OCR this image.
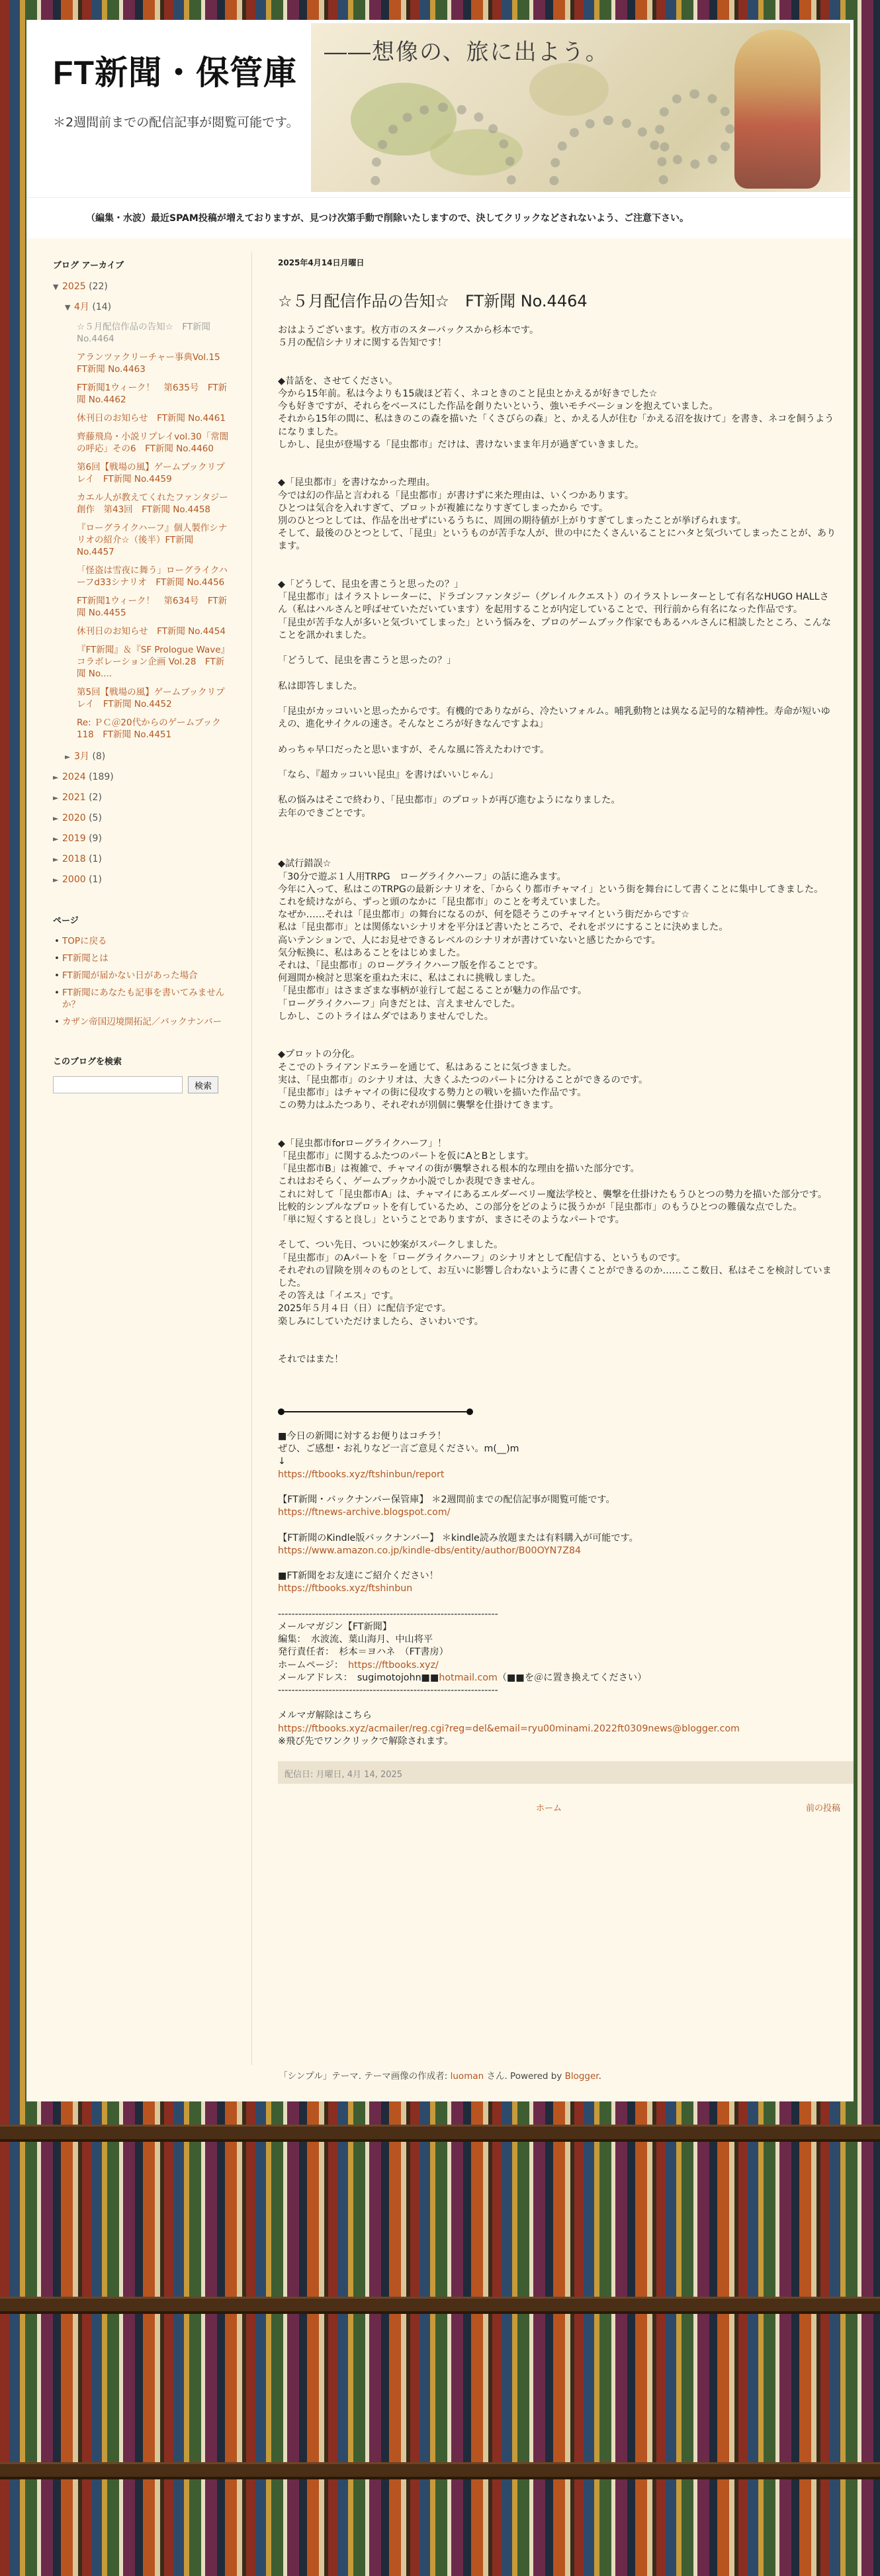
FT新聞・保管庫
＊2週間前までの配信記事が閲覧可能です。
――想像の、旅に出よう。
（編集・水波）最近SPAM投稿が増えておりますが、見つけ次第手動で削除いたしますので、決してクリックなどされないよう、ご注意下さい。
ブログ アーカイブ
▼ 2025 (22)
▼ 4月 (14)
☆５月配信作品の告知☆　FT新聞 No.4464
アランツァクリーチャー事典Vol.15　FT新聞 No.4463
FT新聞1ウィーク！　第635号　FT新聞 No.4462
休刊日のお知らせ　FT新聞 No.4461
齊藤飛鳥・小説リプレイvol.30「常闇の呼応」その6　FT新聞 No.4460
第6回【戦場の風】ゲームブックリプレイ　FT新聞 No.4459
カエル人が教えてくれたファンタジー創作　第43回　FT新聞 No.4458
『ローグライクハーフ』個人製作シナリオの紹介☆（後半）FT新聞 No.4457
「怪盗は雪夜に舞う」ローグライクハーフd33シナリオ　FT新聞 No.4456
FT新聞1ウィーク！　第634号　FT新聞 No.4455
休刊日のお知らせ　FT新聞 No.4454
『FT新聞』＆『SF Prologue Wave』コラボレーション企画 Vol.28　FT新聞 No....
第5回【戦場の風】ゲームブックリプレイ　FT新聞 No.4452
Re: ＰＣ＠20代からのゲームブック118　FT新聞 No.4451
► 3月 (8)
► 2024 (189)
► 2021 (2)
► 2020 (5)
► 2019 (9)
► 2018 (1)
► 2000 (1)
ページ
• TOPに戻る
• FT新聞とは
• FT新聞が届かない日があった場合
• FT新聞にあなたも記事を書いてみませんか？
• カザン帝国辺境開拓記／バックナンバー
このブログを検索
検索
2025年4月14日月曜日
☆５月配信作品の告知☆　FT新聞 No.4464

おはようございます。枚方市のスターバックスから杉本です。

５月の配信シナリオに関する告知です！

◆昔話を、させてください。

今から15年前。私は今よりも15歳ほど若く、ネコときのこと昆虫とかえるが好きでした☆

今も好きですが、それらをベースにした作品を創りたいという、強いモチベーションを抱えていました。

それから15年の間に、私はきのこの森を描いた「くさびらの森」と、かえる人が住む「かえる沼を抜けて」を書き、ネコを飼うようになりました。

しかし、昆虫が登場する「昆虫都市」だけは、書けないまま年月が過ぎていきました。

◆「昆虫都市」を書けなかった理由。

今では幻の作品と言われる「昆虫都市」が書けずに来た理由は、いくつかあります。

ひとつは気合を入れすぎて、プロットが複雑になりすぎてしまったから です。

別のひとつとしては、作品を出せずにいるうちに、周囲の期待値が上がりすぎてしまったことが挙げられます。

そして、最後のひとつとして、「昆虫」というものが苦手な人が、世の中にたくさんいることにハタと気づいてしまったことが、あります。

◆「どうして、昆虫を書こうと思ったの？」

「昆虫都市」はイラストレーターに、ドラゴンファンタジー（グレイルクエスト）のイラストレーターとして有名なHUGO HALLさん（私はハルさんと呼ばせていただいています）を起用することが内定していることで、刊行前から有名になった作品です。

「昆虫が苦手な人が多いと気づいてしまった」という悩みを、プロのゲームブック作家でもあるハルさんに相談したところ、こんなことを訊かれました。

「どうして、昆虫を書こうと思ったの？」

私は即答しました。

「昆虫がカッコいいと思ったからです。有機的でありながら、冷たいフォルム。哺乳動物とは異なる記号的な精神性。寿命が短いゆえの、進化サイクルの速さ。そんなところが好きなんですよね」

めっちゃ早口だったと思いますが、そんな風に答えたわけです。

「なら、『超カッコいい昆虫』を書けばいいじゃん」

私の悩みはそこで終わり、「昆虫都市」のプロットが再び進むようになりました。

去年のできごとです。

◆試行錯誤☆

「30分で遊ぶ１人用TRPG　ローグライクハーフ」の話に進みます。

今年に入って、私はこのTRPGの最新シナリオを、「からくり都市チャマイ」という街を舞台にして書くことに集中してきました。

これを続けながら、ずっと頭のなかに「昆虫都市」のことを考えていました。

なぜか……それは「昆虫都市」の舞台になるのが、何を隠そうこのチャマイという街だからです☆

私は「昆虫都市」とは関係ないシナリオを平分ほど書いたところで、それをボツにすることに決めました。

高いテンションで、人にお見せできるレベルのシナリオが書けていないと感じたからです。

気分転換に、私はあることをはじめました。

それは、「昆虫都市」のローグライクハーフ版を作ることです。

何週間か検討と思案を重ねた末に、私はこれに挑戦しました。

「昆虫都市」はさまざまな事柄が並行して起こることが魅力の作品です。

「ローグライクハーフ」向きだとは、言えませんでした。

しかし、このトライはムダではありませんでした。

◆プロットの分化。

そこでのトライアンドエラーを通じて、私はあることに気づきました。

実は、「昆虫都市」のシナリオは、大きくふたつのパートに分けることができるのです。

「昆虫都市」はチャマイの街に侵攻する勢力との戦いを描いた作品です。

この勢力はふたつあり、それぞれが別個に襲撃を仕掛けてきます。

◆「昆虫都市forローグライクハーフ」！

「昆虫都市」に関するふたつのパートを仮にAとBとします。

「昆虫都市B」は複雑で、チャマイの街が襲撃される根本的な理由を描いた部分です。

これはおそらく、ゲームブックか小説でしか表現できません。

これに対して「昆虫都市A」は、チャマイにあるエルダーベリー魔法学校と、襲撃を仕掛けたもうひとつの勢力を描いた部分です。

比較的シンプルなプロットを有しているため、この部分をどのように扱うかが「昆虫都市」のもうひとつの難儀な点でした。

「単に短くすると良し」ということでありますが、まさにそのようなパートです。

そして、つい先日、ついに妙案がスパークしました。

「昆虫都市」のAパートを「ローグライクハーフ」のシナリオとして配信する、というものです。

それぞれの冒険を別々のものとして、お互いに影響し合わないように書くことができるのか……ここ数日、私はそこを検討していました。

その答えは「イエス」です。

2025年５月４日（日）に配信予定です。

楽しみにしていただけましたら、さいわいです。

それではまた！

■今日の新聞に対するお便りはコチラ！

ぜひ、ご感想・お礼りなど一言ご意見ください。m(__)m

↓

https://ftbooks.xyz/ftshinbun/report

【FT新聞・バックナンバー保管庫】 ＊2週間前までの配信記事が閲覧可能です。

https://ftnews-archive.blogspot.com/

【FT新聞のKindle版バックナンバー】 ＊kindle読み放題または有料購入が可能です。

https://www.amazon.co.jp/kindle-dbs/entity/author/B00OYN7Z84

■FT新聞をお友達にご紹介ください！

https://ftbooks.xyz/ftshinbun

-----------------------------------------------------------------

メールマガジン【FT新聞】

編集：　水波流、葉山海月、中山将平

発行責任者：　杉本＝ヨハネ　（FT書房）

ホームページ：　https://ftbooks.xyz/

メールアドレス：　sugimotojohn■■hotmail.com（■■を＠に置き換えてください）

-----------------------------------------------------------------

メルマガ解除はこちら

https://ftbooks.xyz/acmailer/reg.cgi?reg=del&email=ryu00minami.2022ft0309news@blogger.com

※飛び先でワンクリックで解除されます。

配信日: 月曜日, 4月 14, 2025
ホーム	前の投稿
「シンプル」テーマ. テーマ画像の作成者: luoman さん. Powered by Blogger.
